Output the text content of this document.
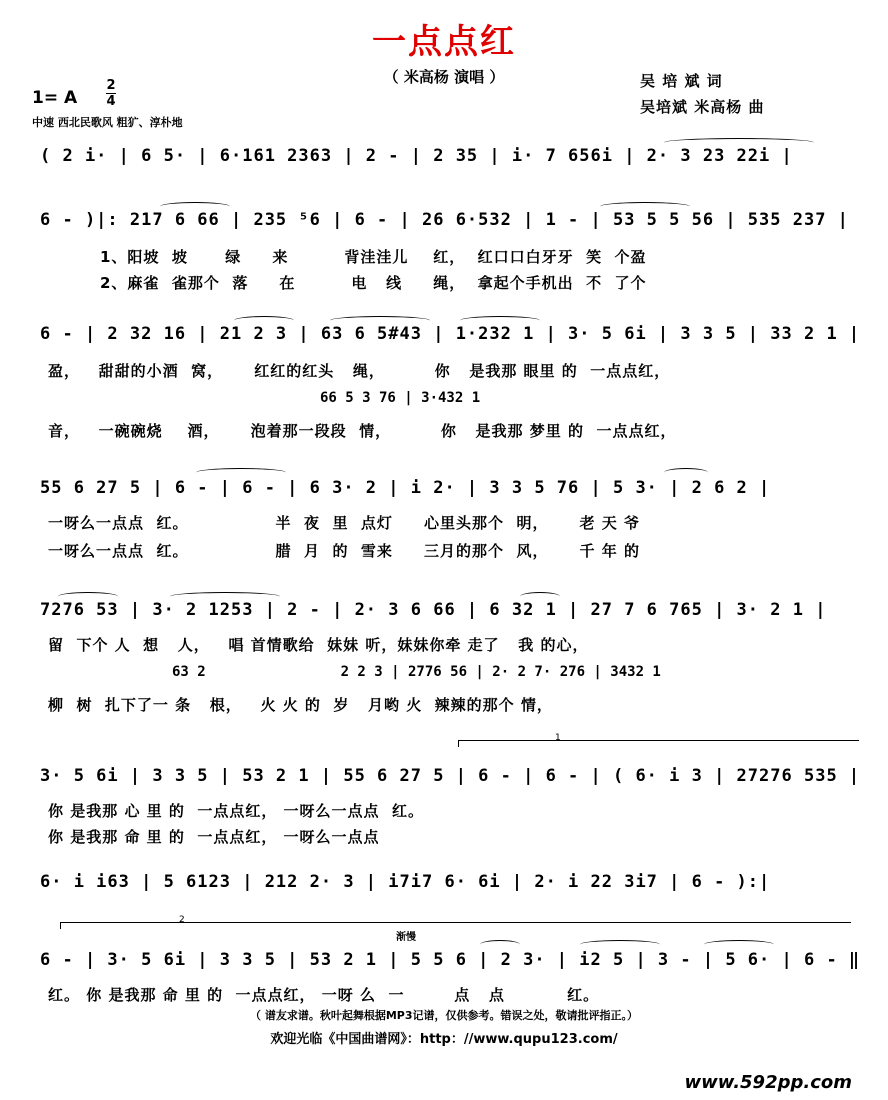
一点点红
（ 米高杨 演唱 ）	吴 培 斌 词
吴培斌 米高杨 曲
1= A
2
4
中速 西北民歌风 粗犷、淳朴地
( 2 i· | 6 5· | 6·161 2363 | 2 - | 2 35 | i· 7 656i | 2· 3 23 22i |
6 - )|: 217 6 66 | 235 ⁵6 | 6 - | 26 6·532 | 1 - | 53 5 5 56 | 535 237 |
1、阳坡  坡      绿     来         背洼洼儿    红，  红口口白牙牙  笑  个盈
2、麻雀  雀那个  落     在         电   线     绳，  拿起个手机出  不  了个
6 - | 2 32 16 | 21 2 3 | 63 6 5#43 | 1·232 1 | 3· 5 6i | 3 3 5 | 33 2 1 |
盈，   甜甜的小酒  窝，     红红的红头   绳，        你   是我那 眼里 的  一点点红，
66 5 3 76 | 3·432 1
音，   一碗碗烧    酒，     泡着那一段段  情，        你   是我那 梦里 的  一点点红，
55 6 27 5 | 6 - | 6 - | 6 3· 2 | i 2· | 3 3 5 76 | 5 3· | 2 6 2 |
一呀么一点点  红。              半  夜  里  点灯     心里头那个  明，     老 天 爷
一呀么一点点  红。              腊  月  的  雪来     三月的那个  风，     千 年 的
7276 53 | 3· 2 1253 | 2 - | 2· 3 6 66 | 6 32 1 | 27 7 6 765 | 3· 2 1 |
留  下个 人  想   人，   唱 首情歌给  妹妹 听，妹妹你牵 走了   我 的心，
63 2                2 2 3 | 2776 56 | 2· 2 7· 276 | 3432 1
柳  树  扎下了一 条   根，   火 火 的  岁   月哟 火  辣辣的那个 情，
1
3· 5 6i | 3 3 5 | 53 2 1 | 55 6 27 5 | 6 - | 6 - | ( 6· i 3 | 27276 535 |
你 是我那 心 里 的  一点点红， 一呀么一点点  红。
你 是我那 命 里 的  一点点红， 一呀么一点点
6· i i63 | 5 6123 | 212 2· 3 | i7i7 6· 6i | 2· i 22 3i7 | 6 - ):|
2
渐慢
6 - | 3· 5 6i | 3 3 5 | 53 2 1 | 5 5 6 | 2 3· | i2 5 | 3 - | 5 6· | 6 - ‖
红。 你 是我那 命 里 的  一点点红， 一呀 么  一        点   点          红。
（ 谱友求谱。秋叶起舞根据MP3记谱，仅供参考。错误之处，敬请批评指正。）
欢迎光临《中国曲谱网》：http：//www.qupu123.com/
www.592pp.com
